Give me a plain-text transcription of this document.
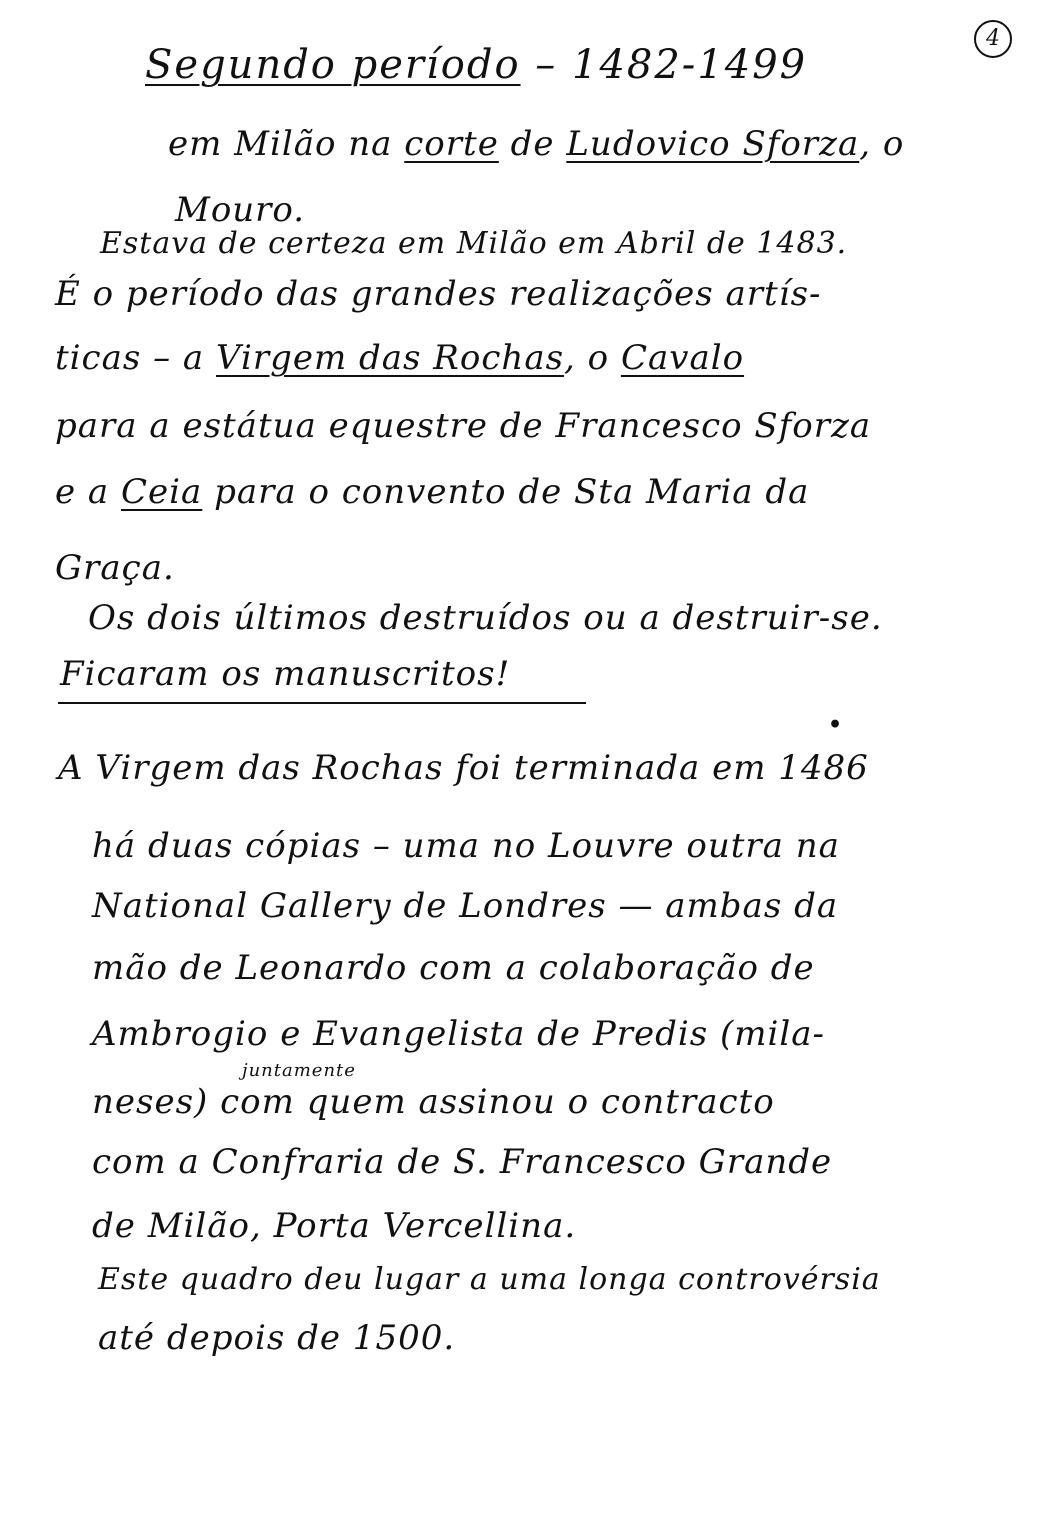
4
Segundo período – 1482-1499
em Milão na corte de Ludovico Sforza, o
Mouro.
Estava de certeza em Milão em Abril de 1483.
É o período das grandes realizações artís-
ticas – a Virgem das Rochas, o Cavalo
para a estátua equestre de Francesco Sforza
e a Ceia para o convento de Sta Maria da
Graça.
Os dois últimos destruídos ou a destruir-se.
Ficaram os manuscritos!
•
A Virgem das Rochas foi terminada em 1486
há duas cópias – uma no Louvre outra na
National Gallery de Londres — ambas da
mão de Leonardo com a colaboração de
Ambrogio e Evangelista de Predis (mila-
juntamente
neses) com quem assinou o contracto
com a Confraria de S. Francesco Grande
de Milão, Porta Vercellina.
Este quadro deu lugar a uma longa controvérsia
até depois de 1500.
